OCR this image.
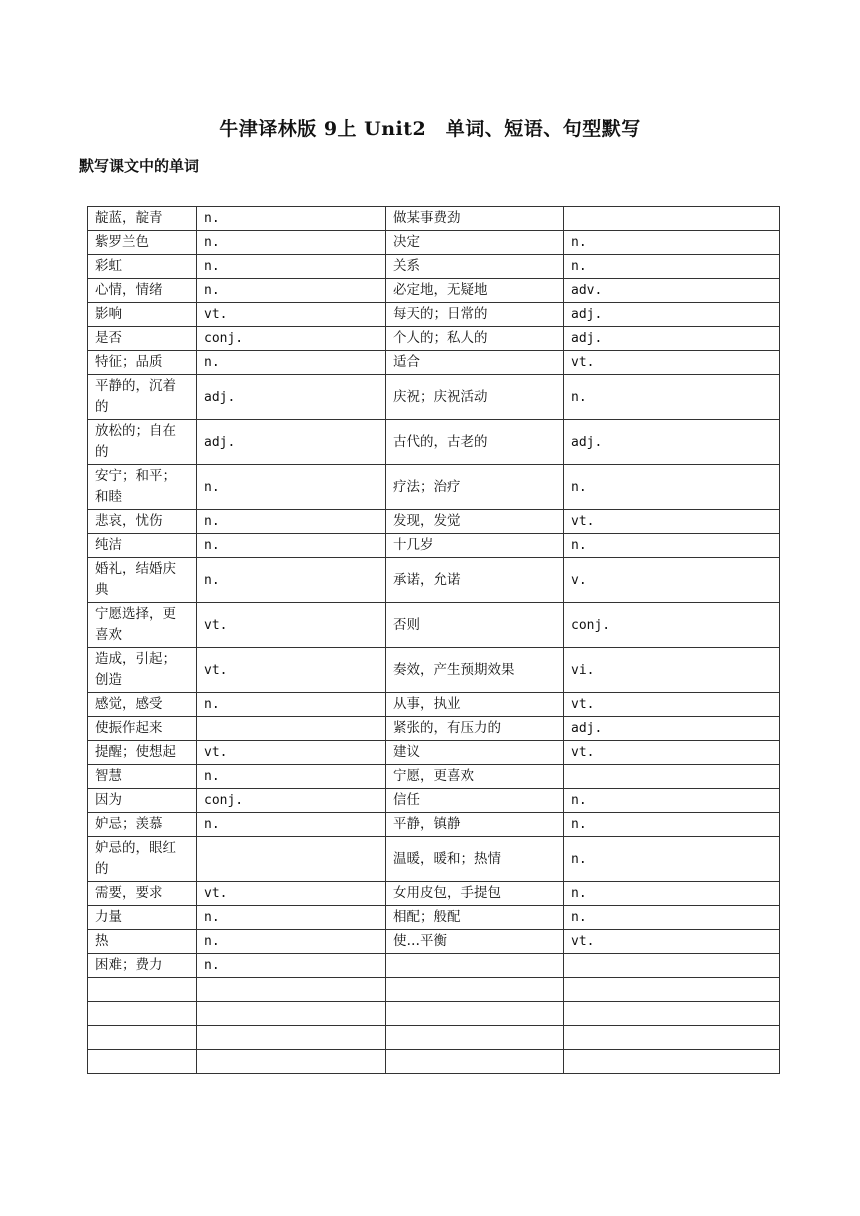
牛津译林版 9上 Unit2　单词、短语、句型默写
默写课文中的单词
靛蓝，靛青	n.	做某事费劲	
紫罗兰色	n.	决定	n.
彩虹	n.	关系	n.
心情，情绪	n.	必定地，无疑地	adv.
影响	vt.	每天的；日常的	adj.
是否	conj.	个人的；私人的	adj.
特征；品质	n.	适合	vt.
平静的，沉着的	adj.	庆祝；庆祝活动	n.
放松的；自在的	adj.	古代的，古老的	adj.
安宁；和平；和睦	n.	疗法；治疗	n.
悲哀，忧伤	n.	发现，发觉	vt.
纯洁	n.	十几岁	n.
婚礼，结婚庆典	n.	承诺，允诺	v.
宁愿选择，更喜欢	vt.	否则	conj.
造成，引起；创造	vt.	奏效，产生预期效果	vi.
感觉，感受	n.	从事，执业	vt.
使振作起来		紧张的，有压力的	adj.
提醒；使想起	vt.	建议	vt.
智慧	n.	宁愿，更喜欢	
因为	conj.	信任	n.
妒忌；羡慕	n.	平静，镇静	n.
妒忌的，眼红的		温暖，暖和；热情	n.
需要，要求	vt.	女用皮包，手提包	n.
力量	n.	相配；般配	n.
热	n.	使…平衡	vt.
困难；费力	n.		
